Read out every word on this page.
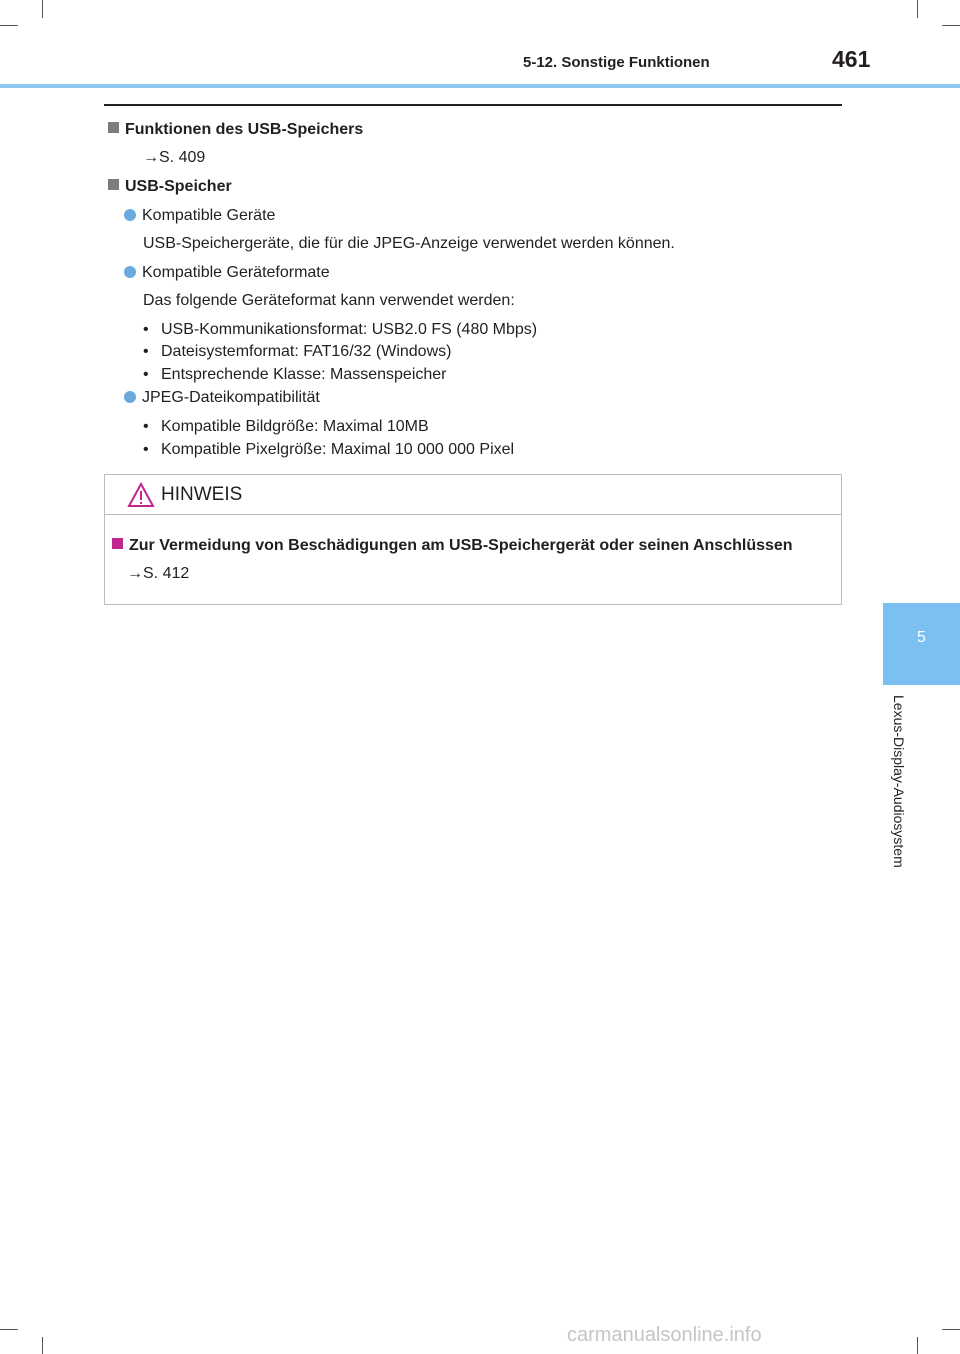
5-12. Sonstige Funktionen	461
5
Lexus-Display-Audiosystem
Funktionen des USB-Speichers
→S. 409
USB-Speicher
Kompatible Geräte
USB-Speichergeräte, die für die JPEG-Anzeige verwendet werden können.
Kompatible Geräteformate
Das folgende Geräteformat kann verwendet werden:
• USB-Kommunikationsformat: USB2.0 FS (480 Mbps)
• Dateisystemformat: FAT16/32 (Windows)
• Entsprechende Klasse: Massenspeicher
JPEG-Dateikompatibilität
• Kompatible Bildgröße: Maximal 10MB
• Kompatible Pixelgröße: Maximal 10 000 000 Pixel
HINWEIS
Zur Vermeidung von Beschädigungen am USB-Speichergerät oder seinen Anschlüssen
→S. 412
carmanualsonline.info
